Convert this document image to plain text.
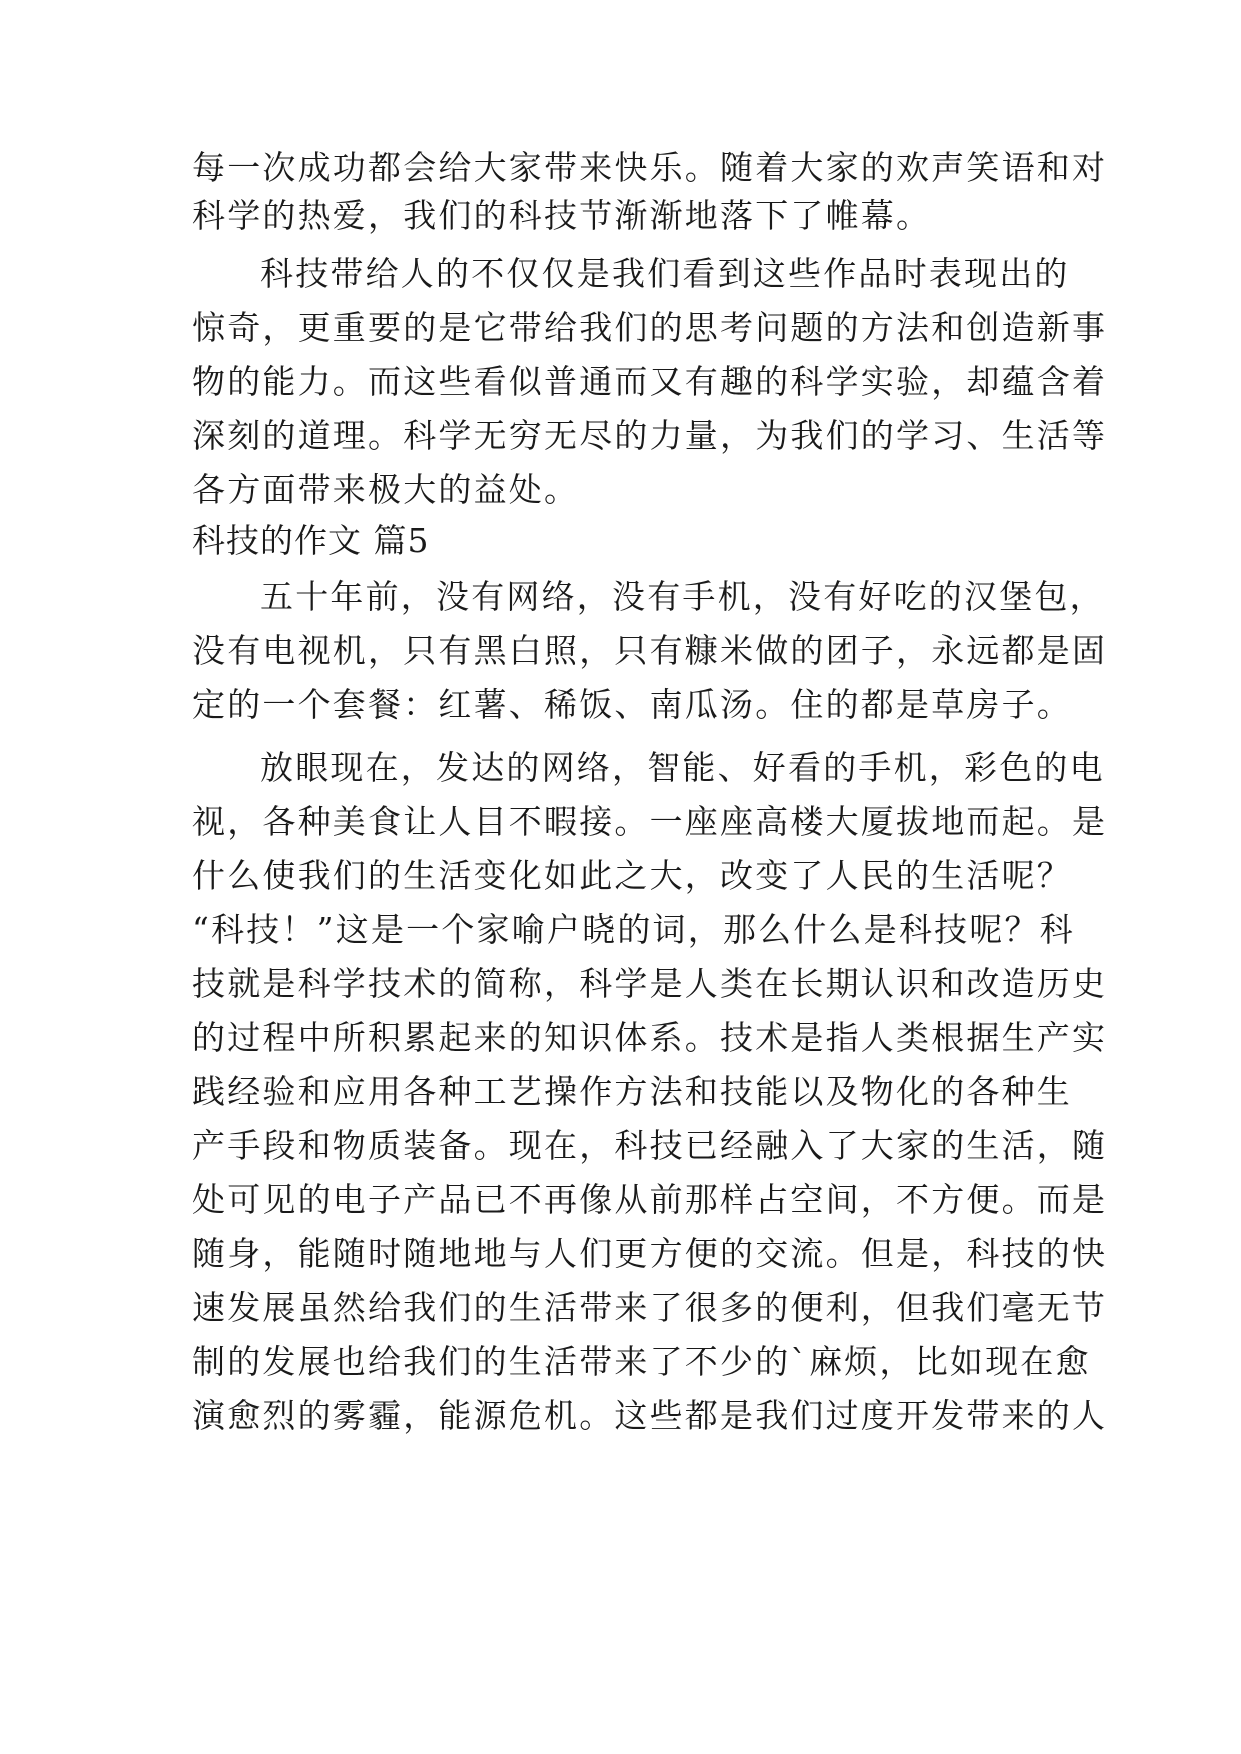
每一次成功都会给大家带来快乐。随着大家的欢声笑语和对
科学的热爱，我们的科技节渐渐地落下了帷幕。
科技带给人的不仅仅是我们看到这些作品时表现出的
惊奇，更重要的是它带给我们的思考问题的方法和创造新事
物的能力。而这些看似普通而又有趣的科学实验，却蕴含着
深刻的道理。科学无穷无尽的力量，为我们的学习、生活等
各方面带来极大的益处。
科技的作文 篇5
五十年前，没有网络，没有手机，没有好吃的汉堡包，
没有电视机，只有黑白照，只有糠米做的团子，永远都是固
定的一个套餐：红薯、稀饭、南瓜汤。住的都是草房子。
放眼现在，发达的网络，智能、好看的手机，彩色的电
视，各种美食让人目不暇接。一座座高楼大厦拔地而起。是
什么使我们的生活变化如此之大，改变了人民的生活呢？
“科技！”这是一个家喻户晓的词，那么什么是科技呢？科
技就是科学技术的简称，科学是人类在长期认识和改造历史
的过程中所积累起来的知识体系。技术是指人类根据生产实
践经验和应用各种工艺操作方法和技能以及物化的各种生
产手段和物质装备。现在，科技已经融入了大家的生活，随
处可见的电子产品已不再像从前那样占空间，不方便。而是
随身，能随时随地地与人们更方便的交流。但是，科技的快
速发展虽然给我们的生活带来了很多的便利，但我们毫无节
制的发展也给我们的生活带来了不少的`麻烦，比如现在愈
演愈烈的雾霾，能源危机。这些都是我们过度开发带来的人
